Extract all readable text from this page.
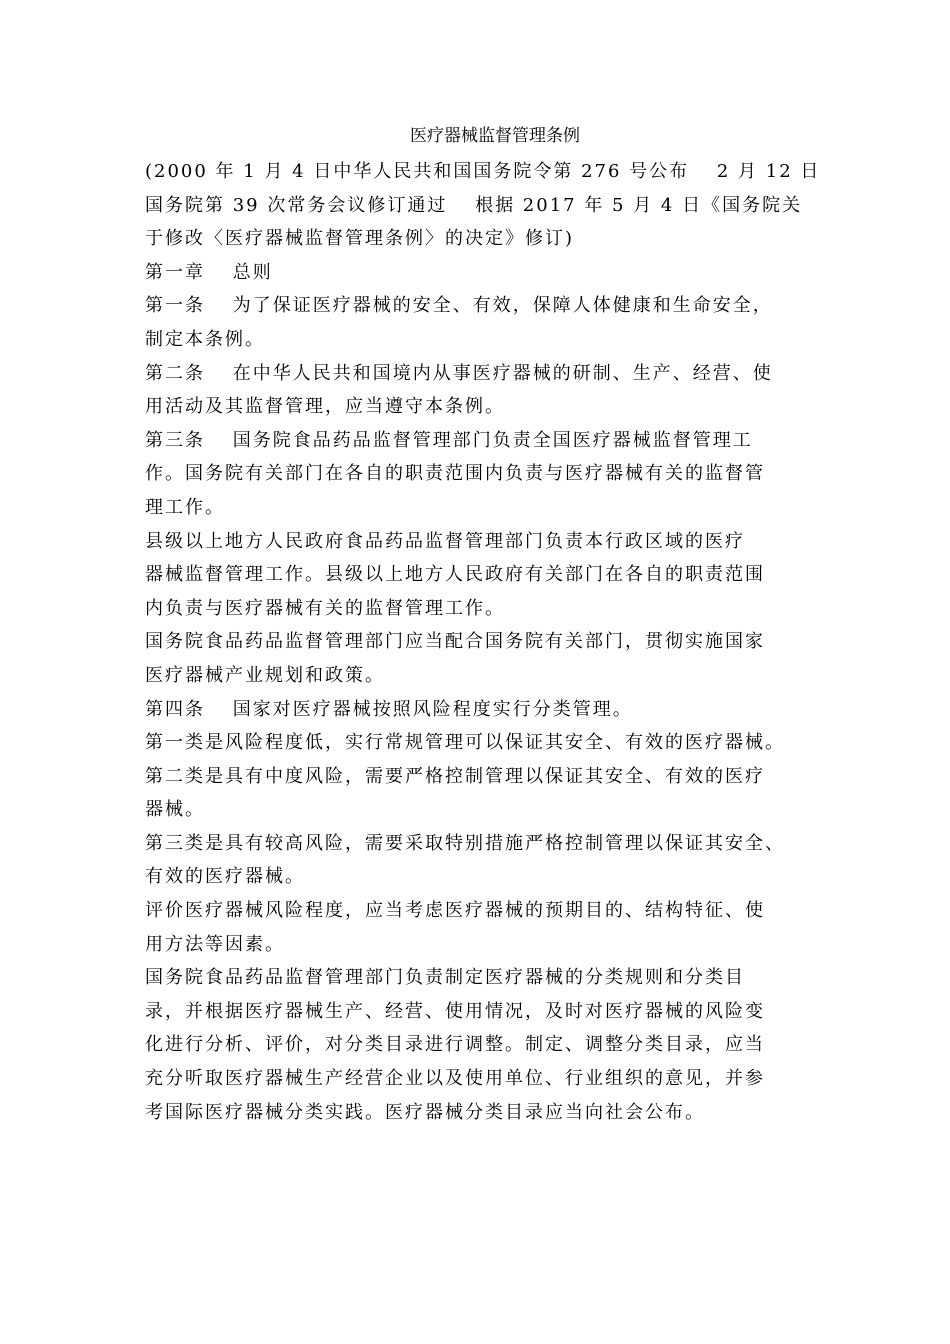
医疗器械监督管理条例
(2000 年 1 月 4 日中华人民共和国国务院令第 276 号公布　 2 月 12 日
国务院第 39 次常务会议修订通过　 根据 2017 年 5 月 4 日《国务院关
于修改〈医疗器械监督管理条例〉的决定》修订)
第一章　 总则
第一条　 为了保证医疗器械的安全、有效，保障人体健康和生命安全，
制定本条例。
第二条　 在中华人民共和国境内从事医疗器械的研制、生产、经营、使
用活动及其监督管理，应当遵守本条例。
第三条　 国务院食品药品监督管理部门负责全国医疗器械监督管理工
作。国务院有关部门在各自的职责范围内负责与医疗器械有关的监督管
理工作。
县级以上地方人民政府食品药品监督管理部门负责本行政区域的医疗
器械监督管理工作。县级以上地方人民政府有关部门在各自的职责范围
内负责与医疗器械有关的监督管理工作。
国务院食品药品监督管理部门应当配合国务院有关部门，贯彻实施国家
医疗器械产业规划和政策。
第四条　 国家对医疗器械按照风险程度实行分类管理。
第一类是风险程度低，实行常规管理可以保证其安全、有效的医疗器械。
第二类是具有中度风险，需要严格控制管理以保证其安全、有效的医疗
器械。
第三类是具有较高风险，需要采取特别措施严格控制管理以保证其安全、
有效的医疗器械。
评价医疗器械风险程度，应当考虑医疗器械的预期目的、结构特征、使
用方法等因素。
国务院食品药品监督管理部门负责制定医疗器械的分类规则和分类目
录，并根据医疗器械生产、经营、使用情况，及时对医疗器械的风险变
化进行分析、评价，对分类目录进行调整。制定、调整分类目录，应当
充分听取医疗器械生产经营企业以及使用单位、行业组织的意见，并参
考国际医疗器械分类实践。医疗器械分类目录应当向社会公布。
